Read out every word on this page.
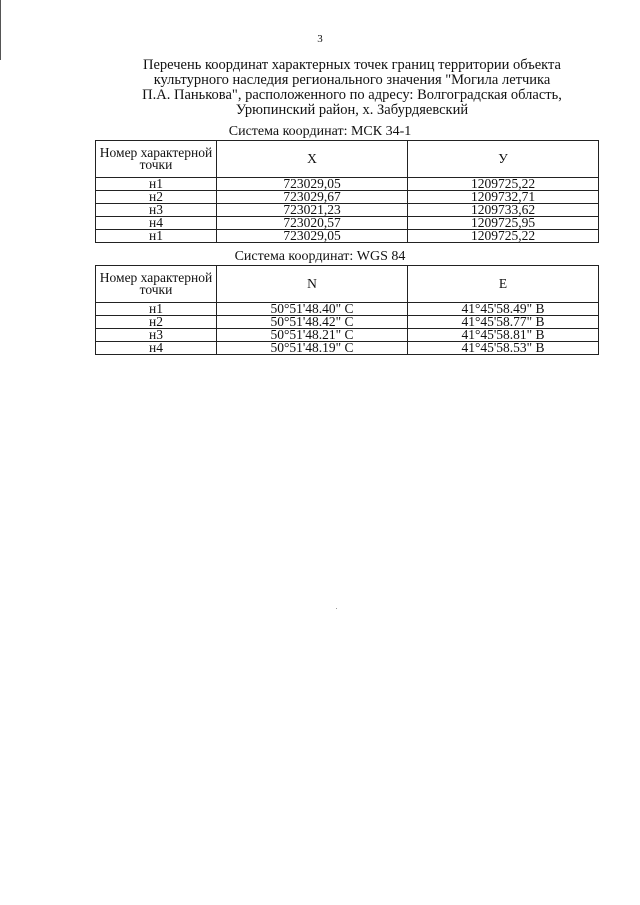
3
Перечень координат характерных точек границ территории объекта
культурного наследия регионального значения "Могила летчика
П.А. Панькова", расположенного по адресу: Волгоградская область,
Урюпинский район, х. Забурдяевский
Система координат: МСК 34-1
Номер характерной точки	Х	У
н1	723029,05	1209725,22
н2	723029,67	1209732,71
н3	723021,23	1209733,62
н4	723020,57	1209725,95
н1	723029,05	1209725,22
Система координат: WGS 84
Номер характерной точки	N	E
н1	50°51'48.40" С	41°45'58.49" В
н2	50°51'48.42" С	41°45'58.77" В
н3	50°51'48.21" С	41°45'58.81" В
н4	50°51'48.19" С	41°45'58.53" В
